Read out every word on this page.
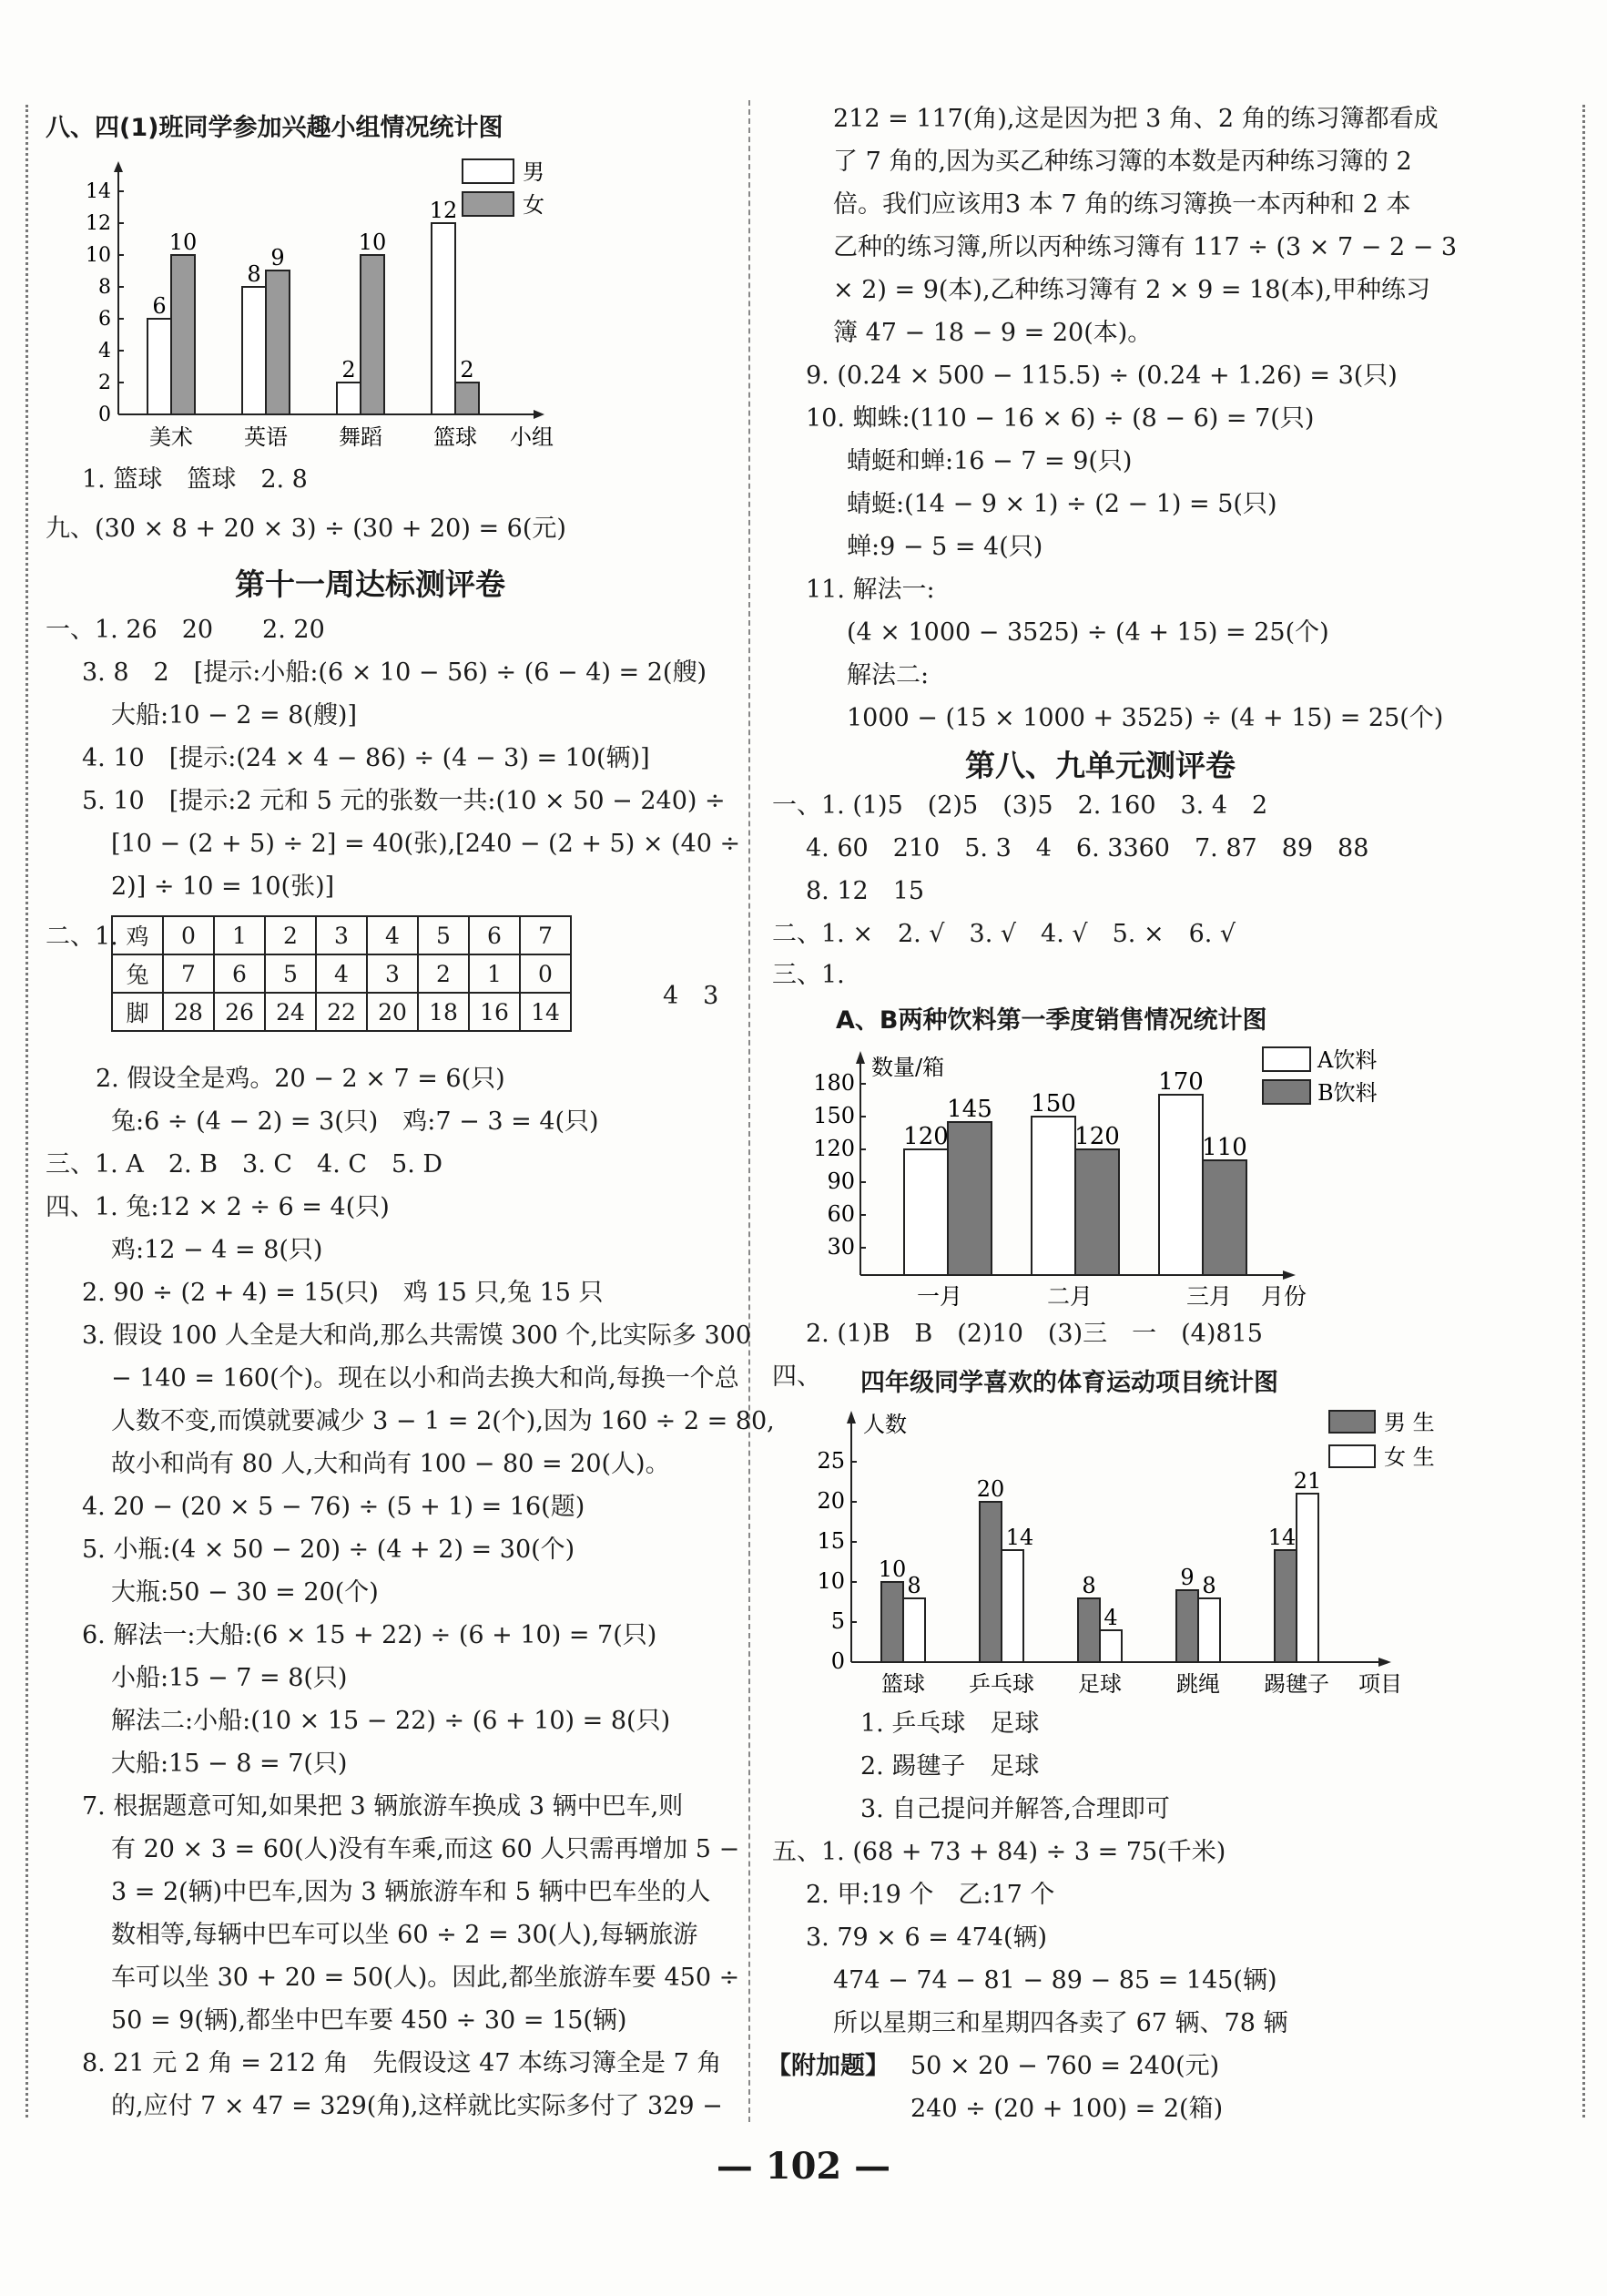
八、四(1)班同学参加兴趣小组情况统计图
0
2
4
6
8
10
12
14
6
10
8
9
2
10
12
2
美术 英语 舞蹈 篮球 小组
男
女
1. 篮球　篮球　2. 8
九、(30 × 8 + 20 × 3) ÷ (30 + 20) = 6(元)
第十一周达标测评卷
一、1. 26　20　　2. 20
3. 8　2　[提示:小船:(6 × 10 − 56) ÷ (6 − 4) = 2(艘)
大船:10 − 2 = 8(艘)]
4. 10　[提示:(24 × 4 − 86) ÷ (4 − 3) = 10(辆)]
5. 10　[提示:2 元和 5 元的张数一共:(10 × 50 − 240) ÷
[10 − (2 + 5) ÷ 2] = 40(张),[240 − (2 + 5) × (40 ÷
2)] ÷ 10 = 10(张)]
二、1. 鸡	0	1	2	3	4	5	6	7
兔	7	6	5	4	3	2	1	0
脚	28	26	24	22	20	18	16	14
4　3
2. 假设全是鸡。20 − 2 × 7 = 6(只)
兔:6 ÷ (4 − 2) = 3(只)　鸡:7 − 3 = 4(只)
三、1. A　2. B　3. C　4. C　5. D
四、1. 兔:12 × 2 ÷ 6 = 4(只)
鸡:12 − 4 = 8(只)
2. 90 ÷ (2 + 4) = 15(只)　鸡 15 只,兔 15 只
3. 假设 100 人全是大和尚,那么共需馍 300 个,比实际多 300
− 140 = 160(个)。现在以小和尚去换大和尚,每换一个总
人数不变,而馍就要减少 3 − 1 = 2(个),因为 160 ÷ 2 = 80,
故小和尚有 80 人,大和尚有 100 − 80 = 20(人)。
4. 20 − (20 × 5 − 76) ÷ (5 + 1) = 16(题)
5. 小瓶:(4 × 50 − 20) ÷ (4 + 2) = 30(个)
大瓶:50 − 30 = 20(个)
6. 解法一:大船:(6 × 15 + 22) ÷ (6 + 10) = 7(只)
小船:15 − 7 = 8(只)
解法二:小船:(10 × 15 − 22) ÷ (6 + 10) = 8(只)
大船:15 − 8 = 7(只)
7. 根据题意可知,如果把 3 辆旅游车换成 3 辆中巴车,则
有 20 × 3 = 60(人)没有车乘,而这 60 人只需再增加 5 −
3 = 2(辆)中巴车,因为 3 辆旅游车和 5 辆中巴车坐的人
数相等,每辆中巴车可以坐 60 ÷ 2 = 30(人),每辆旅游
车可以坐 30 + 20 = 50(人)。因此,都坐旅游车要 450 ÷
50 = 9(辆),都坐中巴车要 450 ÷ 30 = 15(辆)
8. 21 元 2 角 = 212 角　先假设这 47 本练习簿全是 7 角
的,应付 7 × 47 = 329(角),这样就比实际多付了 329 −
212 = 117(角),这是因为把 3 角、2 角的练习簿都看成
了 7 角的,因为买乙种练习簿的本数是丙种练习簿的 2
倍。我们应该用3 本 7 角的练习簿换一本丙种和 2 本
乙种的练习簿,所以丙种练习簿有 117 ÷ (3 × 7 − 2 − 3
× 2) = 9(本),乙种练习簿有 2 × 9 = 18(本),甲种练习
簿 47 − 18 − 9 = 20(本)。
9. (0.24 × 500 − 115.5) ÷ (0.24 + 1.26) = 3(只)
10. 蜘蛛:(110 − 16 × 6) ÷ (8 − 6) = 7(只)
蜻蜓和蝉:16 − 7 = 9(只)
蜻蜓:(14 − 9 × 1) ÷ (2 − 1) = 5(只)
蝉:9 − 5 = 4(只)
11. 解法一:
(4 × 1000 − 3525) ÷ (4 + 15) = 25(个)
解法二:
1000 − (15 × 1000 + 3525) ÷ (4 + 15) = 25(个)
第八、九单元测评卷
一、1. (1)5　(2)5　(3)5　2. 160　3. 4　2
4. 60　210　5. 3　4　6. 3360　7. 87　89　88
8. 12　15
二、1. ×　2. √　3. √　4. √　5. ×　6. √
三、1.
A、B两种饮料第一季度销售情况统计图
数量/箱
30
60
90
120
150
180
120
145 150
120
170
110
一月	二月	三月 月份
A饮料
B饮料
2. (1)B　B　(2)10　(3)三　一　(4)815
四、 四年级同学喜欢的体育运动项目统计图
人数
0
5
10
15
20
25
10
8
20
14
8
4
9 8
14
21
篮球 乒乓球 足球	跳绳 踢毽子 项目
男 生
女 生
1. 乒乓球　足球
2. 踢毽子　足球
3. 自己提问并解答,合理即可
五、1. (68 + 73 + 84) ÷ 3 = 75(千米)
2. 甲:19 个　乙:17 个
3. 79 × 6 = 474(辆)
474 − 74 − 81 − 89 − 85 = 145(辆)
所以星期三和星期四各卖了 67 辆、78 辆
【附加题】 50 × 20 − 760 = 240(元)
240 ÷ (20 + 100) = 2(箱)
— 102 —
